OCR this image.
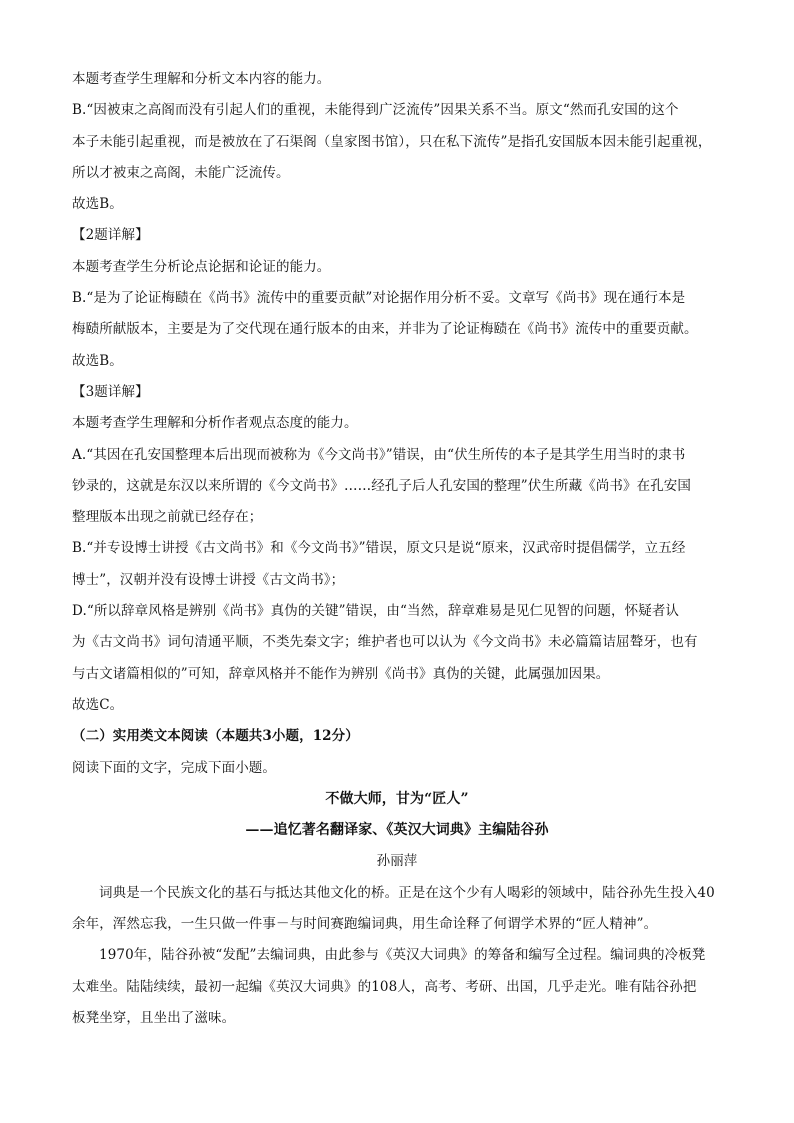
本题考查学生理解和分析文本内容的能力。

B.“因被束之高阁而没有引起人们的重视，未能得到广泛流传”因果关系不当。原文“然而孔安国的这个

本子未能引起重视，而是被放在了石渠阁（皇家图书馆），只在私下流传”是指孔安国版本因未能引起重视，

所以才被束之高阁，未能广泛流传。

故选B。

【2题详解】

本题考查学生分析论点论据和论证的能力。

B.“是为了论证梅赜在《尚书》流传中的重要贡献”对论据作用分析不妥。文章写《尚书》现在通行本是

梅赜所献版本，主要是为了交代现在通行版本的由来，并非为了论证梅赜在《尚书》流传中的重要贡献。

故选B。

【3题详解】

本题考查学生理解和分析作者观点态度的能力。

A.“其因在孔安国整理本后出现而被称为《今文尚书》”错误，由“伏生所传的本子是其学生用当时的隶书

钞录的，这就是东汉以来所谓的《今文尚书》……经孔子后人孔安国的整理”伏生所藏《尚书》在孔安国

整理版本出现之前就已经存在；

B.“并专设博士讲授《古文尚书》和《今文尚书》”错误，原文只是说“原来，汉武帝时提倡儒学，立五经

博士”，汉朝并没有设博士讲授《古文尚书》；

D.“所以辞章风格是辨别《尚书》真伪的关键”错误，由“当然，辞章难易是见仁见智的问题，怀疑者认

为《古文尚书》词句清通平顺，不类先秦文字；维护者也可以认为《今文尚书》未必篇篇诘屈聱牙，也有

与古文诸篇相似的”可知，辞章风格并不能作为辨别《尚书》真伪的关键，此属强加因果。

故选C。

（二）实用类文本阅读（本题共3小题，12分）

阅读下面的文字，完成下面小题。

不做大师，甘为“匠人”

——追忆著名翻译家、《英汉大词典》主编陆谷孙

孙丽萍

词典是一个民族文化的基石与抵达其他文化的桥。正是在这个少有人喝彩的领域中，陆谷孙先生投入40

余年，浑然忘我，一生只做一件事－与时间赛跑编词典，用生命诠释了何谓学术界的“匠人精神”。

1970年，陆谷孙被“发配”去编词典，由此参与《英汉大词典》的筹备和编写全过程。编词典的冷板凳

太难坐。陆陆续续，最初一起编《英汉大词典》的108人，高考、考研、出国，几乎走光。唯有陆谷孙把

板凳坐穿，且坐出了滋味。
